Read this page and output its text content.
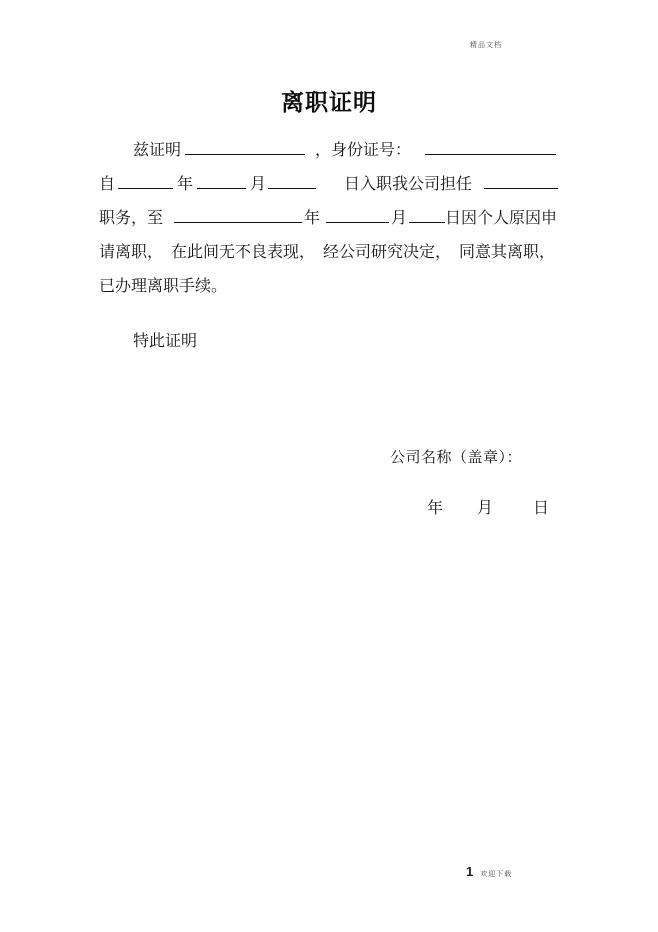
精品文档
离职证明
兹证明	，身份证号：
自	年	月	日入职我公司担任
职务，至	年	月 日因个人原因申
请离职， 在此间无不良表现， 经公司研究决定， 同意其离职，
已办理离职手续。
特此证明
公司名称（盖章）：
年 月	日
1 欢迎下载
